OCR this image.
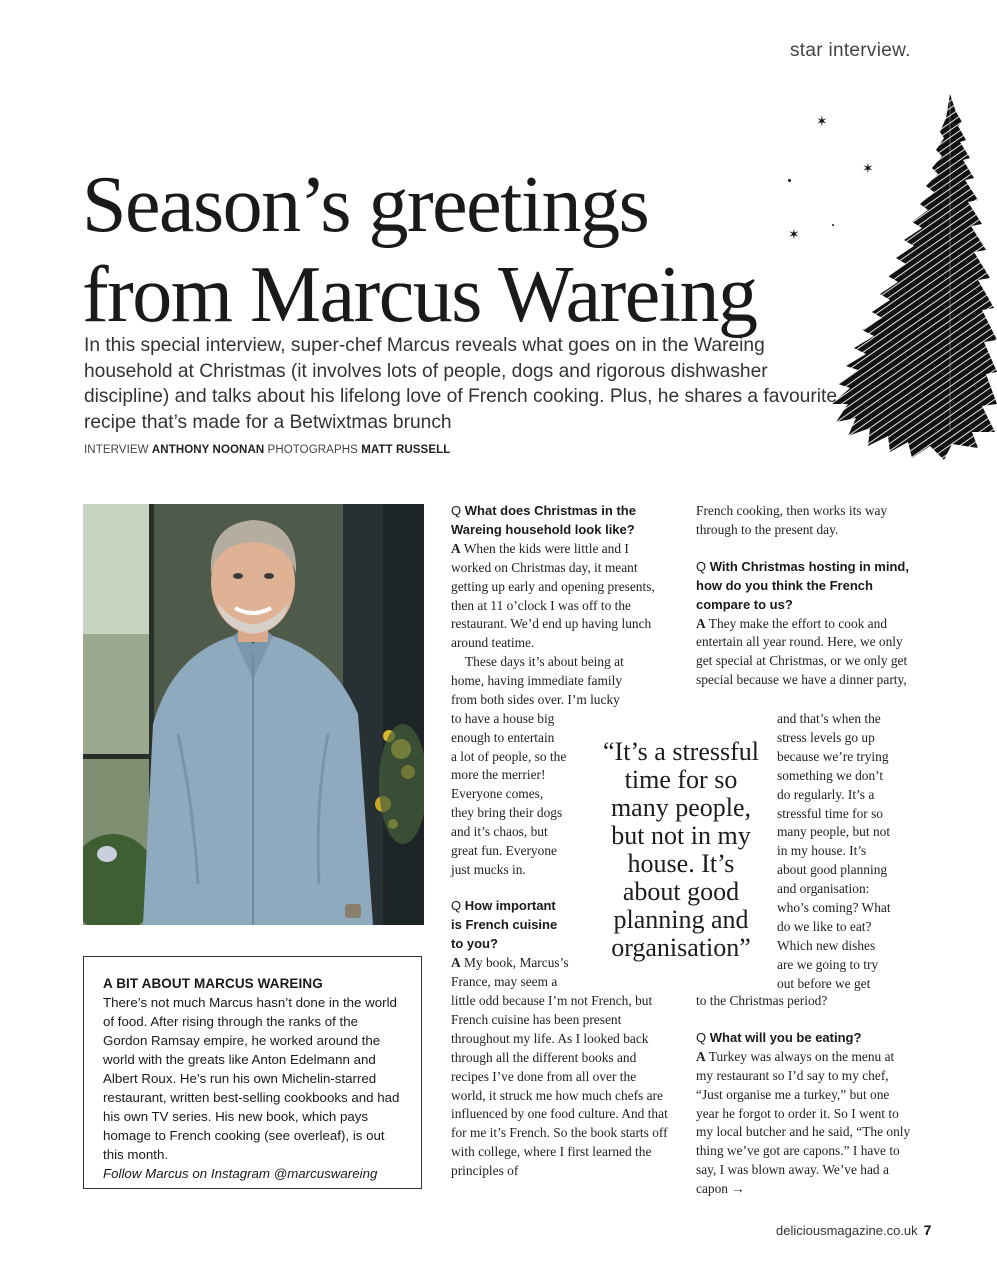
star interview.
Season’s greetings
from Marcus Wareing

In this special interview, super-chef Marcus reveals what goes on in the Wareing household at Christmas (it involves lots of people, dogs and rigorous dishwasher discipline) and talks about his lifelong love of French cooking. Plus, he shares a favourite recipe that’s made for a Betwixtmas brunch

INTERVIEW ANTHONY NOONAN PHOTOGRAPHS MATT RUSSELL
✶
✶
✶

A BIT ABOUT MARCUS WAREING

There’s not much Marcus hasn’t done in the world of food. After rising through the ranks of the Gordon Ramsay empire, he worked around the world with the greats like Anton Edelmann and Albert Roux. He’s run his own Michelin-starred restaurant, written best-selling cookbooks and had his own TV series. His new book, which pays homage to French cooking (see overleaf), is out this month.

Follow Marcus on Instagram @marcuswareing

Q What does Christmas in the Wareing household look like?

A When the kids were little and I worked on Christmas day, it meant getting up early and opening presents, then at 11 o’clock I was off to the restaurant. We’d end up having lunch around teatime.

These days it’s about being at
home, having immediate family
from both sides over. I’m lucky
to have a house big
enough to entertain
a lot of people, so the
more the merrier!
Everyone comes,
they bring their dogs
and it’s chaos, but
great fun. Everyone
just mucks in.
Q How important
is French cuisine
to you?
A My book, Marcus’s
France, may seem a

little odd because I’m not French, but French cuisine has been present throughout my life. As I looked back through all the different books and recipes I’ve done from all over the world, it struck me how much chefs are influenced by one food culture. And that for me it’s French. So the book starts off with college, where I first learned the principles of

“It’s a stressful time for so many people, but not in my house. It’s about good planning and organisation”

French cooking, then works its way through to the present day.

Q With Christmas hosting in mind, how do you think the French compare to us?

A They make the effort to cook and entertain all year round. Here, we only get special at Christmas, or we only get special because we have a dinner party,

and that’s when the
stress levels go up
because we’re trying
something we don’t
do regularly. It’s a
stressful time for so
many people, but not
in my house. It’s
about good planning
and organisation:
who’s coming? What
do we like to eat?
Which new dishes
are we going to try
out before we get

to the Christmas period?

Q What will you be eating?

A Turkey was always on the menu at my restaurant so I’d say to my chef, “Just organise me a turkey,” but one year he forgot to order it. So I went to my local butcher and he said, “The only thing we’ve got are capons.” I have to say, I was blown away. We’ve had a capon →

deliciousmagazine.co.uk 7
